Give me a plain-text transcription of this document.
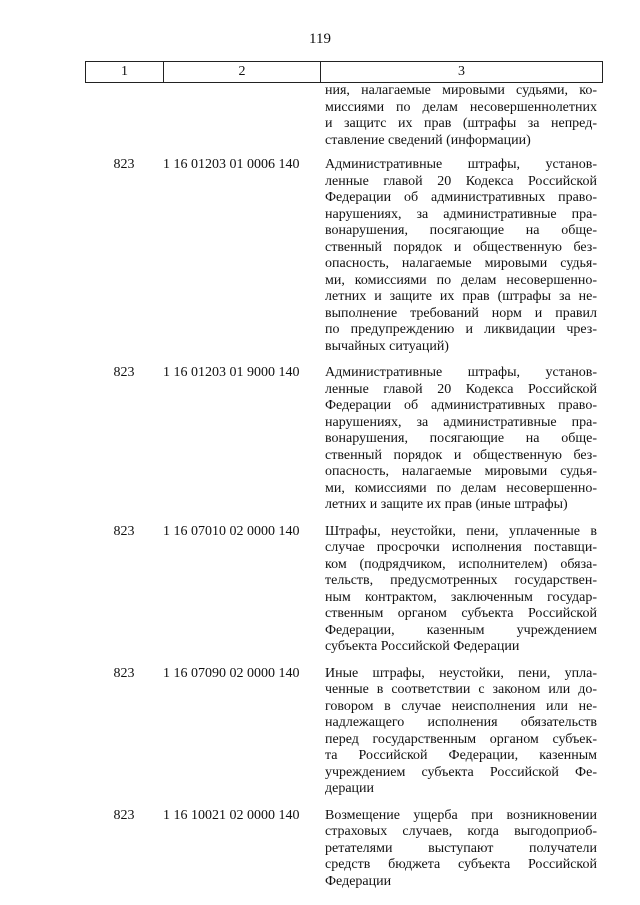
119
1	2	3
ния, налагаемые мировыми судьями, ко-
миссиями по делам несовершеннолетних
и защитс их прав (штрафы за непред-
ставление сведений (информации)
823	1 16 01203 01 0006 140	Административные штрафы, установ-
ленные главой 20 Кодекса Российской
Федерации об административных право-
нарушениях, за административные пра-
вонарушения, посягающие на обще-
ственный порядок и общественную без-
опасность, налагаемые мировыми судья-
ми, комиссиями по делам несовершенно-
летних и защите их прав (штрафы за не-
выполнение требований норм и правил
по предупреждению и ликвидации чрез-
вычайных ситуаций)
823	1 16 01203 01 9000 140	Административные штрафы, установ-
ленные главой 20 Кодекса Российской
Федерации об административных право-
нарушениях, за административные пра-
вонарушения, посягающие на обще-
ственный порядок и общественную без-
опасность, налагаемые мировыми судья-
ми, комиссиями по делам несовершенно-
летних и защите их прав (иные штрафы)
823	1 16 07010 02 0000 140	Штрафы, неустойки, пени, уплаченные в
случае просрочки исполнения поставщи-
ком (подрядчиком, исполнителем) обяза-
тельств, предусмотренных государствен-
ным контрактом, заключенным государ-
ственным органом субъекта Российской
Федерации, казенным учреждением
субъекта Российской Федерации
823	1 16 07090 02 0000 140	Иные штрафы, неустойки, пени, упла-
ченные в соответствии с законом или до-
говором в случае неисполнения или не-
надлежащего исполнения обязательств
перед государственным органом субъек-
та Российской Федерации, казенным
учреждением субъекта Российской Фе-
дерации
823	1 16 10021 02 0000 140	Возмещение ущерба при возникновении
страховых случаев, когда выгодоприоб-
ретателями выступают получатели
средств бюджета субъекта Российской
Федерации
